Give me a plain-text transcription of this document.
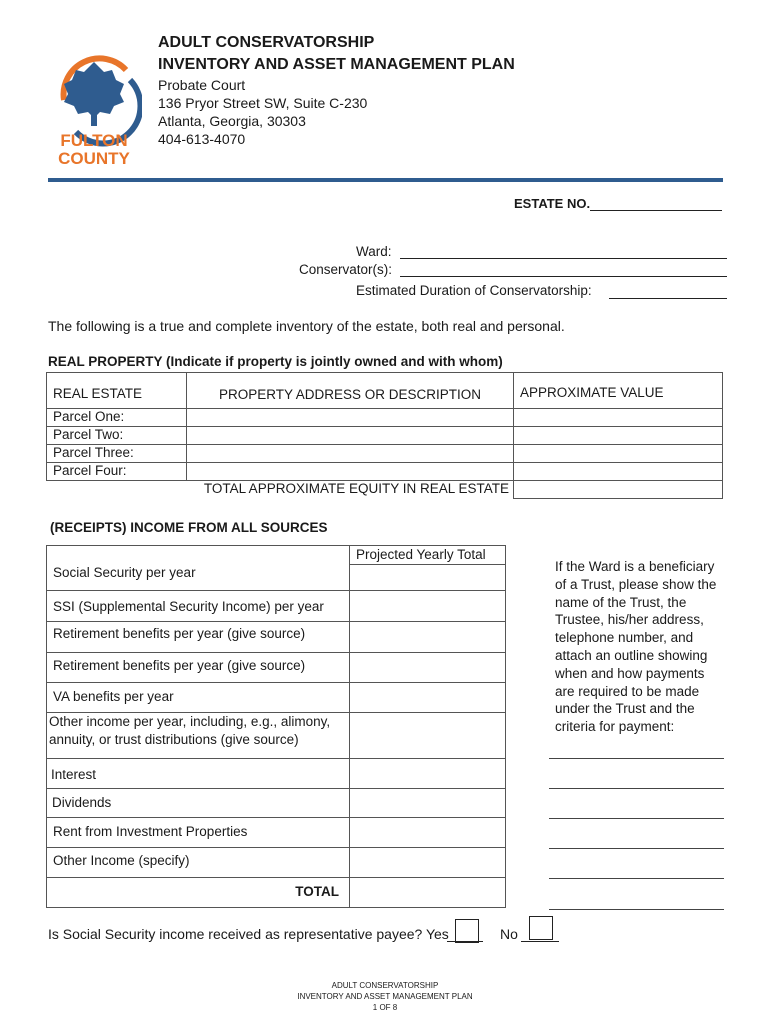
FULTON
COUNTY
ADULT CONSERVATORSHIP
INVENTORY AND ASSET MANAGEMENT PLAN
Probate Court
136 Pryor Street SW, Suite C-230
Atlanta, Georgia, 30303
404-613-4070
ESTATE NO.
Ward:
Conservator(s):
Estimated Duration of Conservatorship:
The following is a true and complete inventory of the estate, both real and personal.
REAL PROPERTY (Indicate if property is jointly owned and with whom)
REAL ESTATE	PROPERTY ADDRESS OR DESCRIPTION	APPROXIMATE VALUE
Parcel One:		
Parcel Two:		
Parcel Three:		
Parcel Four:		
TOTAL APPROXIMATE EQUITY IN REAL ESTATE		
(RECEIPTS) INCOME FROM ALL SOURCES
	Projected Yearly Total
Social Security per year	
SSI (Supplemental Security Income) per year	
Retirement benefits per year (give source)	
Retirement benefits per year (give source)	
VA benefits per year	
Other income per year, including, e.g., alimony, annuity, or trust distributions (give source)	
Interest	
Dividends	
Rent from Investment Properties	
Other Income (specify)	
TOTAL	
If the Ward is a beneficiary of a Trust, please show the name of the Trust, the Trustee, his/her address, telephone number, and attach an outline showing when and how payments are required to be made under the Trust and the criteria for payment:
Is Social Security income received as representative payee? Yes	No
ADULT CONSERVATORSHIP
INVENTORY AND ASSET MANAGEMENT PLAN
1 OF 8
